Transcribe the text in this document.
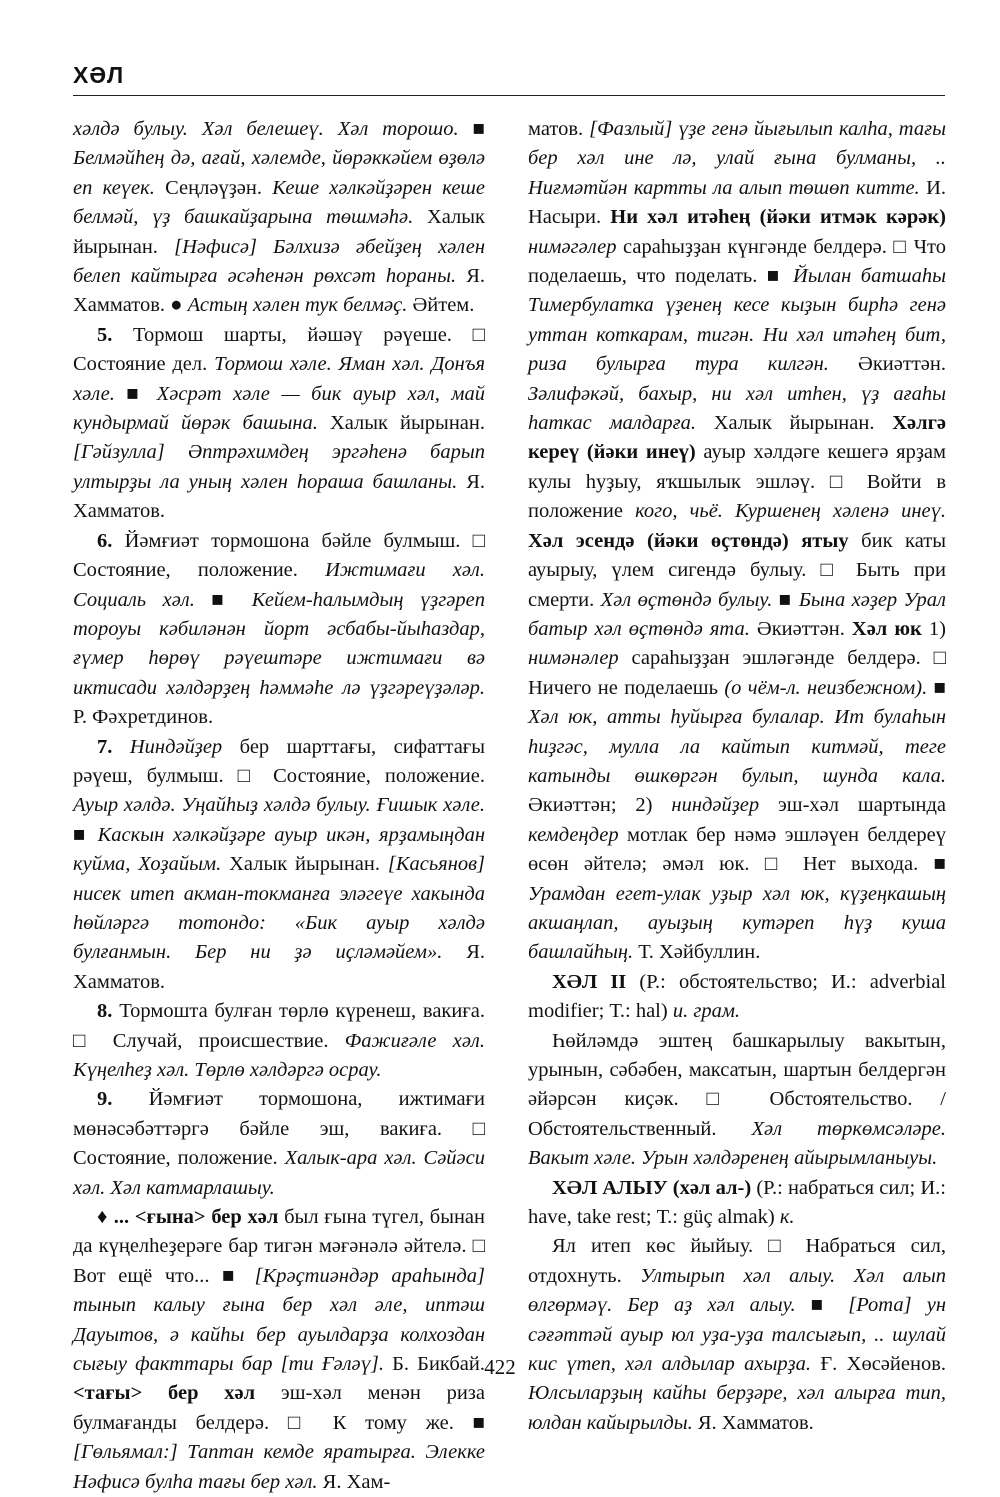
ХӘЛ

хәлдә булыу. Хәл белешеү. Хәл торошо. ■ Белмәйһең дә, ағай, хәлемде, йөрәккәйем өҙөлә еп кеүек. Сеңләүҙән. Кеше хәлкәйҙәрен кеше белмәй, үҙ башкайҙарына төшмәһә. Халык йырынан. [Нәфисә] Бәлхизә әбейҙең хәлен белеп кайтырға әсәһенән рөхсәт һораны. Я. Хамматов. ● Астың хәлен тук белмәҫ. Әйтем.

5. Тормош шарты, йәшәү рәүеше. □ Состояние дел. Тормош хәле. Яман хәл. Донъя хәле. ■ Хәсрәт хәле — бик ауыр хәл, май кундырмай йөрәк башына. Халык йырынан. [Гәйзулла] Әптрәхимдең эргәһенә барып ултырҙы ла уның хәлен һораша башланы. Я. Хамматов.

6. Йәмғиәт тормошона бәйле булмыш. □ Состояние, положение. Ижтимағи хәл. Социаль хәл. ■ Кейем-һалымдың үҙгәреп тороуы кәбиләнән йорт әсбабы-йыһаздар, ғүмер һөрөү рәүештәре ижтимағи вә иктисади хәлдәрҙең һәммәһе лә үҙгәреүҙәләр. Р. Фәхретдинов.

7. Ниндәйҙер бер шарттағы, сифаттағы рәүеш, булмыш. □ Состояние, положение. Ауыр хәлдә. Уңайһыҙ хәлдә булыу. Ғишык хәле. ■ Каскын хәлкәйҙәре ауыр икән, ярҙамыңдан куйма, Хоҙайым. Халык йырынан. [Касьянов] нисек итеп акман-токманға эләгеүе хакында һөйләргә тотондо: «Бик ауыр хәлдә булғанмын. Бер ни ҙә иҫләмәйем». Я. Хамматов.

8. Тормошта булған төрлө күренеш, вакиға. □ Случай, происшествие. Фажиғәле хәл. Күңелһеҙ хәл. Төрлө хәлдәргә осрау.

9. Йәмғиәт тормошона, ижтимағи мөнәсәбәттәргә бәйле эш, вакиға. □ Состояние, положение. Халык-ара хәл. Сәйәси хәл. Хәл катмарлашыу.

♦ ... <ғына> бер хәл был ғына түгел, бынан да күңелһеҙерәге бар тигән мәғәнәлә әйтелә. □ Вот ещё что... ■ [Крәҫтиәндәр араһында] тынып калыу ғына бер хәл әле, иптәш Дауытов, ә кайһы бер ауылдарҙа колхоздан сығыу факттары бар [ти Ғәләү]. Б. Бикбай. <тағы> бер хәл эш-хәл менән риза булмағанды белдерә. □ К тому же. ■ [Гөльямал:] Таптан кемде яратырға. Элекке Нәфисә булһа тағы бер хәл. Я. Хам-

матов. [Фазлый] үҙе генә йығылып калһа, тағы бер хәл ине лә, улай ғына булманы, .. Ниғмәтйән картты ла алып төшөп китте. И. Насыри. Ни хәл итәһең (йәки итмәк кәрәк) нимәгәлер сараһыҙҙан күнгәнде белдерә. □ Что поделаешь, что поделать. ■ Йылан батшаһы Тимербулатка үҙенең кесе кыҙын бирһә генә уттан коткарам, тигән. Ни хәл итәһең бит, риза булырға тура килгән. Әкиәттән. Зәлифәкәй, бахыр, ни хәл итһен, үҙ ағаһы һаткас малдарға. Халык йырынан. Хәлгә кереү (йәки инеү) ауыр хәлдәге кешегә ярҙам кулы һуҙыу, яҡшылык эшләү. □ Войти в положение кого, чьё. Куршенең хәленә инеү. Хәл эсендә (йәки өҫтөндә) ятыу бик каты ауырыу, үлем сигендә булыу. □ Быть при смерти. Хәл өҫтөндә булыу. ■ Бына хәҙер Урал батыр хәл өҫтөндә ята. Әкиәттән. Хәл юк 1) нимәнәлер сараһыҙҙан эшләгәнде белдерә. □ Ничего не поделаешь (о чём-л. неизбежном). ■ Хәл юк, атты һуйырға булалар. Ит булаһын һиҙгәс, мулла ла кайтып китмәй, теге катынды өшкөргән булып, шунда кала. Әкиәттән; 2) ниндәйҙер эш-хәл шартында кемдеңдер мотлак бер нәмә эшләүен белдереү өсөн әйтелә; әмәл юк. □ Нет выхода. ■ Урамдан егет-улак уҙыр хәл юк, күҙеңкашың акшаңлап, ауыҙың кутәреп һүҙ куша башлайһың. Т. Хәйбуллин.

ХӘЛ II (Р.: обстоятельство; И.: adverbial modifier; Т.: hal) и. грам.

Һөйләмдә эштең башкарылыу вакытын, урынын, сәбәбен, максатын, шартын белдергән әйәрсән киҫәк. □ Обстоятельство. / Обстоятельственный. Хәл төркөмсәләре. Вакыт хәле. Урын хәлдәренең айырымланыуы.

ХӘЛ АЛЫУ (хәл ал-) (Р.: набраться сил; И.: have, take rest; Т.: güç almak) к.

Ял итеп көс йыйыу. □ Набраться сил, отдохнуть. Ултырып хәл алыу. Хәл алып өлгөрмәү. Бер аҙ хәл алыу. ■ [Рота] ун сәғәттәй ауыр юл уҙа-уҙа талсығып, .. шулай кис үтеп, хәл алдылар ахырҙа. Ғ. Хөсәйенов. Юлсыларҙың кайһы берҙәре, хәл алырға тип, юлдан кайырылды. Я. Хамматов.

422
